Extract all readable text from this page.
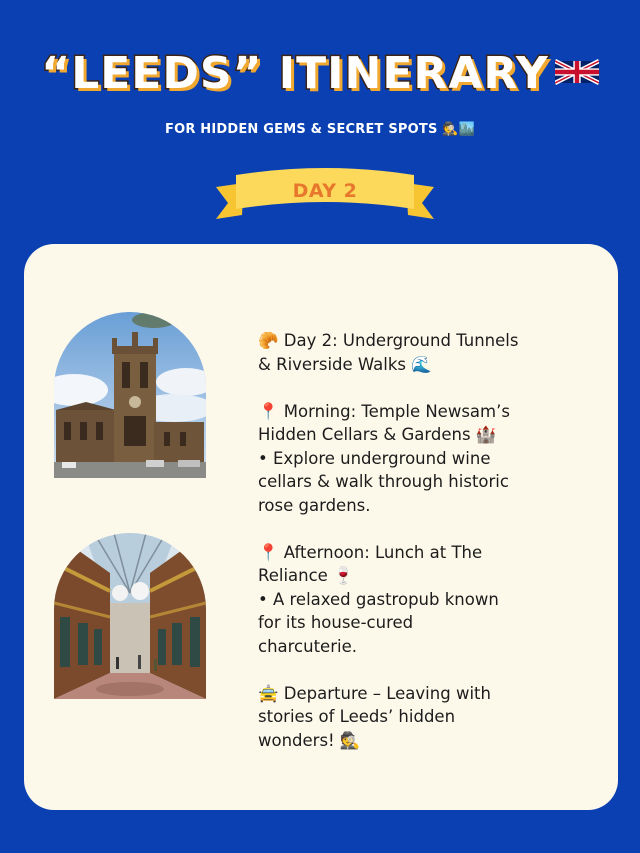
“LEEDS” ITINERARY
FOR HIDDEN GEMS & SECRET SPOTS 🕵️🏙️
DAY 2

🥐 Day 2: Underground Tunnels

& Riverside Walks 🌊

📍 Morning: Temple Newsam’s

Hidden Cellars & Gardens 🏰

• Explore underground wine

cellars & walk through historic

rose gardens.

📍 Afternoon: Lunch at The

Reliance 🍷

• A relaxed gastropub known

for its house-cured

charcuterie.

🚖 Departure – Leaving with

stories of Leeds’ hidden

wonders! 🕵️
